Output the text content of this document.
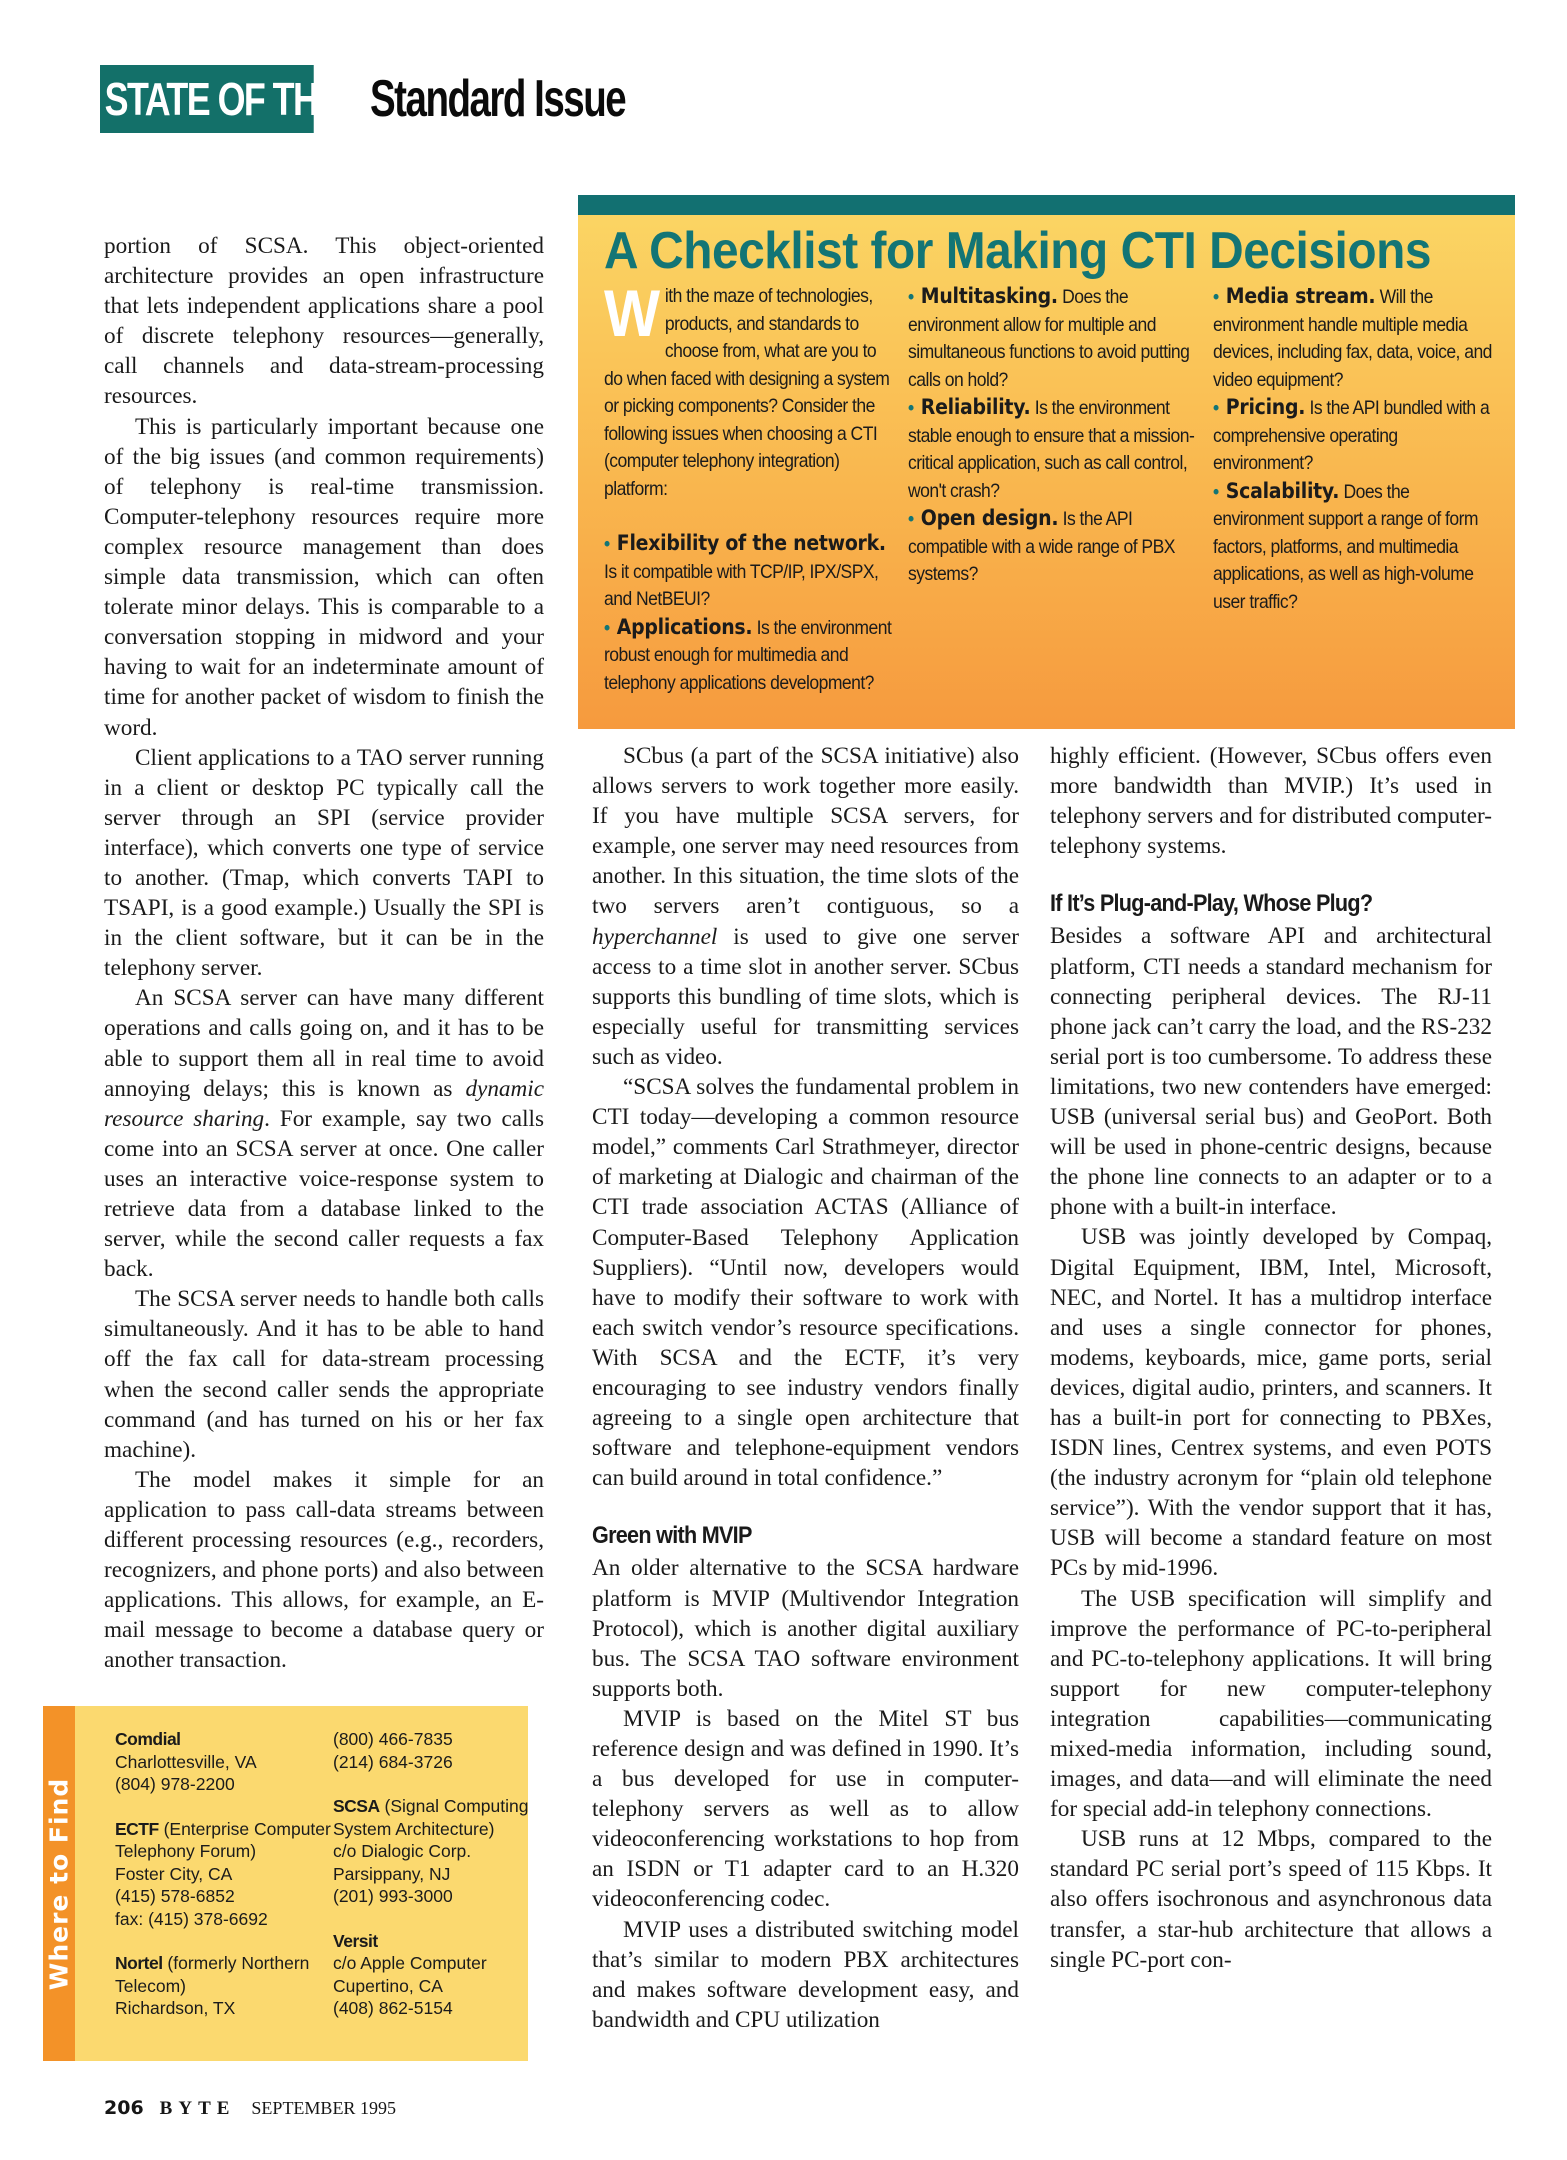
STATE OF THE ART
Standard Issue

portion of SCSA. This object-oriented architecture provides an open infrastructure that lets independent applications share a pool of discrete telephony resources—generally, call channels and data-stream-processing resources.

This is particularly important because one of the big issues (and common requirements) of telephony is real-time transmission. Computer-telephony resources require more complex resource management than does simple data transmission, which can often tolerate minor delays. This is comparable to a conversation stopping in midword and your having to wait for an indeterminate amount of time for another packet of wisdom to finish the word.

Client applications to a TAO server running in a client or desktop PC typically call the server through an SPI (service provider interface), which converts one type of service to another. (Tmap, which converts TAPI to TSAPI, is a good example.) Usually the SPI is in the client software, but it can be in the telephony server.

An SCSA server can have many different operations and calls going on, and it has to be able to support them all in real time to avoid annoying delays; this is known as dynamic resource sharing. For example, say two calls come into an SCSA server at once. One caller uses an interactive voice-response system to retrieve data from a database linked to the server, while the second caller requests a fax back.

The SCSA server needs to handle both calls simultaneously. And it has to be able to hand off the fax call for data-stream processing when the second caller sends the appropriate command (and has turned on his or her fax machine).

The model makes it simple for an application to pass call-data streams between different processing resources (e.g., recorders, recognizers, and phone ports) and also between applications. This allows, for example, an E-mail message to become a database query or another transaction.

A Checklist for Making CTI Decisions
With the maze of technologies, products, and standards to choose from, what are you to do when faced with designing a system or picking components? Consider the following issues when choosing a CTI (computer telephony integration) platform:
• Flexibility of the network. Is it compatible with TCP/IP, IPX/SPX, and NetBEUI?
• Applications. Is the environment robust enough for multimedia and telephony applications development?
• Multitasking. Does the environment allow for multiple and simultaneous functions to avoid putting calls on hold?
• Reliability. Is the environment stable enough to ensure that a mission-critical application, such as call control, won't crash?
• Open design. Is the API compatible with a wide range of PBX systems?
• Media stream. Will the environment handle multiple media devices, including fax, data, voice, and video equipment?
• Pricing. Is the API bundled with a comprehensive operating environment?
• Scalability. Does the environment support a range of form factors, platforms, and multimedia applications, as well as high-volume user traffic?

SCbus (a part of the SCSA initiative) also allows servers to work together more easily. If you have multiple SCSA servers, for example, one server may need resources from another. In this situation, the time slots of the two servers aren’t contiguous, so a hyperchannel is used to give one server access to a time slot in another server. SCbus supports this bundling of time slots, which is especially useful for transmitting services such as video.

“SCSA solves the fundamental problem in CTI today—developing a common resource model,” comments Carl Strathmeyer, director of marketing at Dialogic and chairman of the CTI trade association ACTAS (Alliance of Computer-Based Telephony Application Suppliers). “Until now, developers would have to modify their software to work with each switch vendor’s resource specifications. With SCSA and the ECTF, it’s very encouraging to see industry vendors finally agreeing to a single open architecture that software and telephone-equipment vendors can build around in total confidence.”

Green with MVIP

An older alternative to the SCSA hardware platform is MVIP (Multivendor Integration Protocol), which is another digital auxiliary bus. The SCSA TAO software environment supports both.

MVIP is based on the Mitel ST bus reference design and was defined in 1990. It’s a bus developed for use in computer-telephony servers as well as to allow videoconferencing workstations to hop from an ISDN or T1 adapter card to an H.320 videoconferencing codec.

MVIP uses a distributed switching model that’s similar to modern PBX architectures and makes software development easy, and bandwidth and CPU utilization

highly efficient. (However, SCbus offers even more bandwidth than MVIP.) It’s used in telephony servers and for distributed computer-telephony systems.

If It’s Plug-and-Play, Whose Plug?

Besides a software API and architectural platform, CTI needs a standard mechanism for connecting peripheral devices. The RJ-11 phone jack can’t carry the load, and the RS-232 serial port is too cumbersome. To address these limitations, two new contenders have emerged: USB (universal serial bus) and GeoPort. Both will be used in phone-centric designs, because the phone line connects to an adapter or to a phone with a built-in interface.

USB was jointly developed by Compaq, Digital Equipment, IBM, Intel, Microsoft, NEC, and Nortel. It has a multidrop interface and uses a single connector for phones, modems, keyboards, mice, game ports, serial devices, digital audio, printers, and scanners. It has a built-in port for connecting to PBXes, ISDN lines, Centrex systems, and even POTS (the industry acronym for “plain old telephone service”). With the vendor support that it has, USB will become a standard feature on most PCs by mid-1996.

The USB specification will simplify and improve the performance of PC-to-peripheral and PC-to-telephony applications. It will bring support for new computer-telephony integration capabilities—communicating mixed-media information, including sound, images, and data—and will eliminate the need for special add-in telephony connections.

USB runs at 12 Mbps, compared to the standard PC serial port’s speed of 115 Kbps. It also offers isochronous and asynchronous data transfer, a star-hub architecture that allows a single PC-port con-

Where to Find
Comdial
Charlottesville, VA
(804) 978-2200
ECTF (Enterprise Computer Telephony Forum)
Foster City, CA
(415) 578-6852
fax: (415) 378-6692
Nortel (formerly Northern Telecom)
Richardson, TX
(800) 466-7835
(214) 684-3726
SCSA (Signal Computing System Architecture)
c/o Dialogic Corp.
Parsippany, NJ
(201) 993-3000
Versit
c/o Apple Computer
Cupertino, CA
(408) 862-5154
206 BYTE SEPTEMBER 1995
